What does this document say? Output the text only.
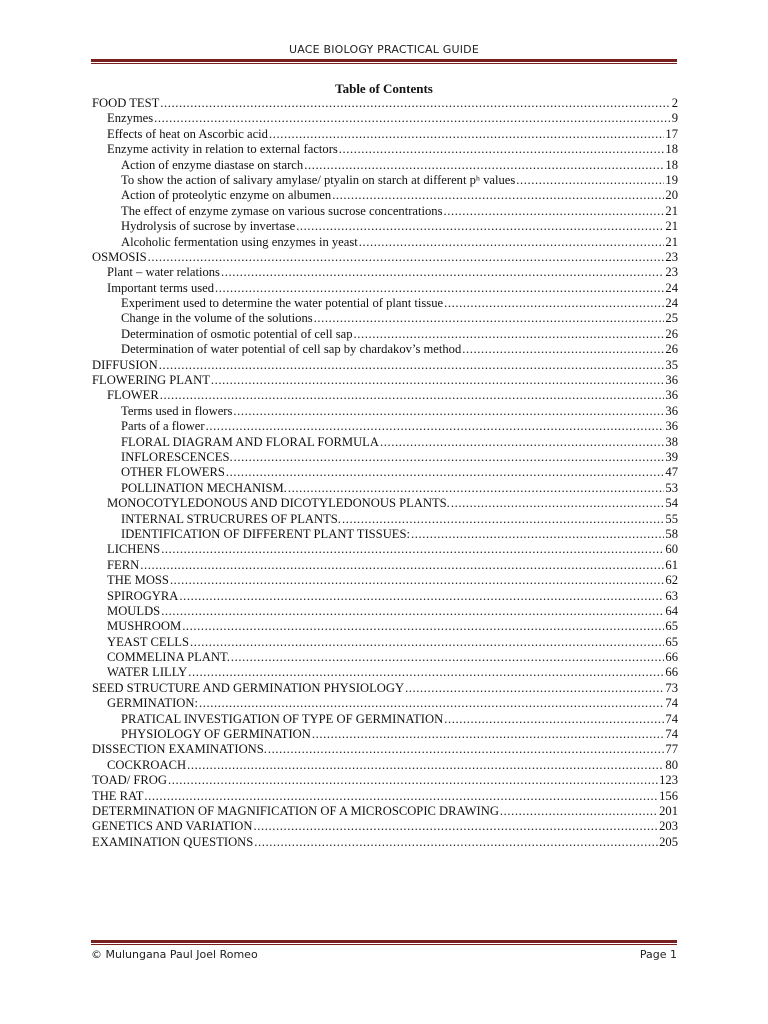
UACE BIOLOGY PRACTICAL GUIDE
Table of Contents
FOOD TEST .....	2
Enzymes .....	9
Effects of heat on Ascorbic acid .....	17
Enzyme activity in relation to external factors .....	18
Action of enzyme diastase on starch .....	18
To show the action of salivary amylase/ ptyalin on starch at different pʰ values .....	19
Action of proteolytic enzyme on albumen .....	20
The effect of enzyme zymase on various sucrose concentrations .....	21
Hydrolysis of sucrose by invertase .....	21
Alcoholic fermentation using enzymes in yeast .....	21
OSMOSIS .....	23
Plant – water relations .....	23
Important terms used .....	24
Experiment used to determine the water potential of plant tissue .....	24
Change in the volume of the solutions .....	25
Determination of osmotic potential of cell sap .....	26
Determination of water potential of cell sap by chardakov’s method .....	26
DIFFUSION .....	35
FLOWERING PLANT .....	36
FLOWER .....	36
Terms used in flowers .....	36
Parts of a flower .....	36
FLORAL DIAGRAM AND FLORAL FORMULA .....	38
INFLORESCENCES. .....	39
OTHER FLOWERS .....	47
POLLINATION MECHANISM. .....	53
MONOCOTYLEDONOUS AND DICOTYLEDONOUS PLANTS. .....	54
INTERNAL STRUCRURES OF PLANTS. .....	55
IDENTIFICATION OF DIFFERENT PLANT TISSUES: .....	58
LICHENS .....	60
FERN .....	61
THE MOSS .....	62
SPIROGYRA .....	63
MOULDS .....	64
MUSHROOM .....	65
YEAST CELLS .....	65
COMMELINA PLANT. .....	66
WATER LILLY .....	66
SEED STRUCTURE AND GERMINATION PHYSIOLOGY .....	73
GERMINATION: .....	74
PRATICAL INVESTIGATION OF TYPE OF GERMINATION .....	74
PHYSIOLOGY OF GERMINATION .....	74
DISSECTION EXAMINATIONS. .....	77
COCKROACH .....	80
TOAD/ FROG .....	123
THE RAT .....	156
DETERMINATION OF MAGNIFICATION OF A MICROSCOPIC DRAWING .....	201
GENETICS AND VARIATION .....	203
EXAMINATION QUESTIONS .....	205
© Mulungana Paul Joel Romeo	Page 1
